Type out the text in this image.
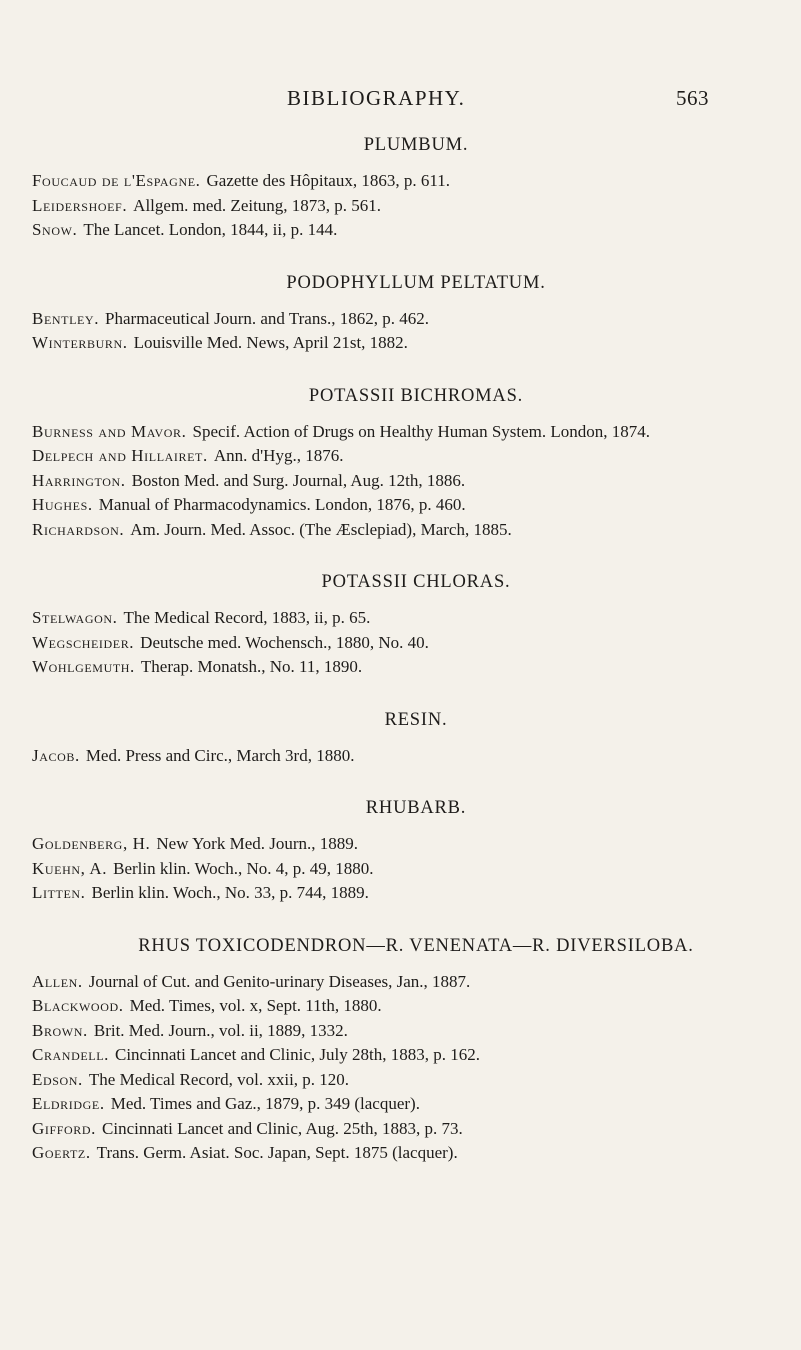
BIBLIOGRAPHY.	563
PLUMBUM.
Foucaud de l'Espagne. Gazette des Hôpitaux, 1863, p. 611.
Leidershoef. Allgem. med. Zeitung, 1873, p. 561.
Snow. The Lancet. London, 1844, ii, p. 144.
PODOPHYLLUM PELTATUM.
Bentley. Pharmaceutical Journ. and Trans., 1862, p. 462.
Winterburn. Louisville Med. News, April 21st, 1882.
POTASSII BICHROMAS.
Burness and Mavor. Specif. Action of Drugs on Healthy Human System. London, 1874.
Delpech and Hillairet. Ann. d'Hyg., 1876.
Harrington. Boston Med. and Surg. Journal, Aug. 12th, 1886.
Hughes. Manual of Pharmacodynamics. London, 1876, p. 460.
Richardson. Am. Journ. Med. Assoc. (The Æsclepiad), March, 1885.
POTASSII CHLORAS.
Stelwagon. The Medical Record, 1883, ii, p. 65.
Wegscheider. Deutsche med. Wochensch., 1880, No. 40.
Wohlgemuth. Therap. Monatsh., No. 11, 1890.
RESIN.
Jacob. Med. Press and Circ., March 3rd, 1880.
RHUBARB.
Goldenberg, H. New York Med. Journ., 1889.
Kuehn, A. Berlin klin. Woch., No. 4, p. 49, 1880.
Litten. Berlin klin. Woch., No. 33, p. 744, 1889.
RHUS TOXICODENDRON—R. VENENATA—R. DIVERSILOBA.
Allen. Journal of Cut. and Genito-urinary Diseases, Jan., 1887.
Blackwood. Med. Times, vol. x, Sept. 11th, 1880.
Brown. Brit. Med. Journ., vol. ii, 1889, 1332.
Crandell. Cincinnati Lancet and Clinic, July 28th, 1883, p. 162.
Edson. The Medical Record, vol. xxii, p. 120.
Eldridge. Med. Times and Gaz., 1879, p. 349 (lacquer).
Gifford. Cincinnati Lancet and Clinic, Aug. 25th, 1883, p. 73.
Goertz. Trans. Germ. Asiat. Soc. Japan, Sept. 1875 (lacquer).
